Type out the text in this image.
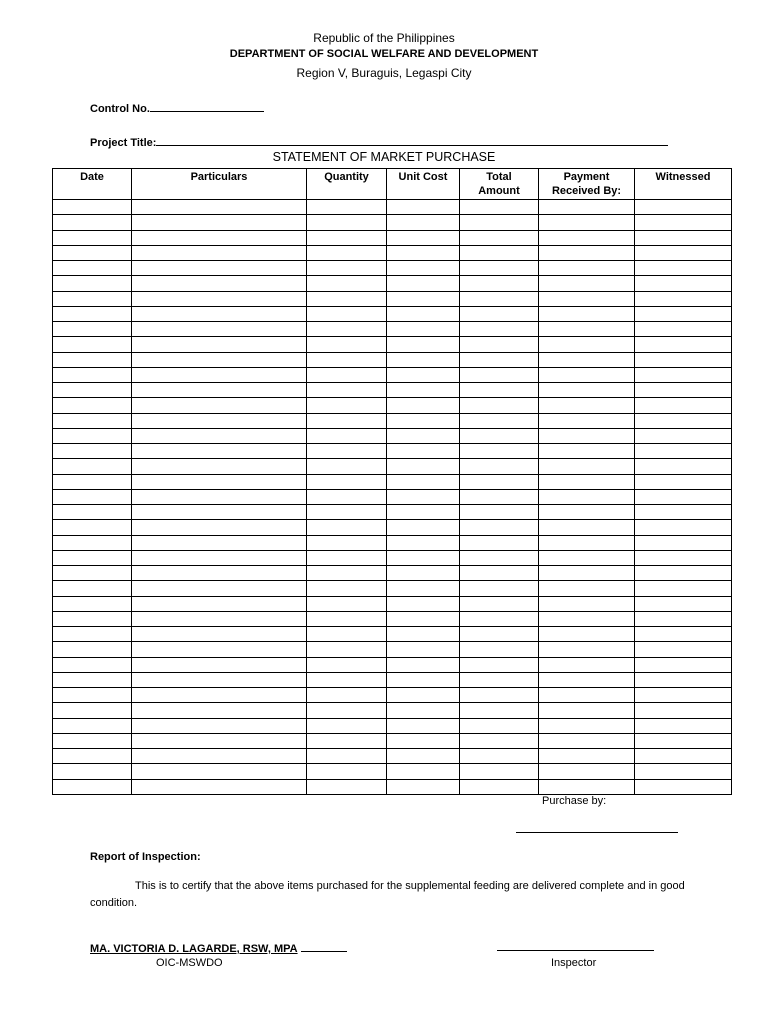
Republic of the Philippines
DEPARTMENT OF SOCIAL WELFARE AND DEVELOPMENT
Region V, Buraguis, Legaspi City
Control No.
Project Title:
STATEMENT OF MARKET PURCHASE
Date	Particulars	Quantity	Unit Cost	Total Amount	Payment Received By:	Witnessed

Purchase by:
Report of Inspection:
This is to certify that the above items purchased for the supplemental feeding are delivered complete and in good condition.
MA. VICTORIA D. LAGARDE, RSW, MPA
OIC-MSWDO	Inspector
